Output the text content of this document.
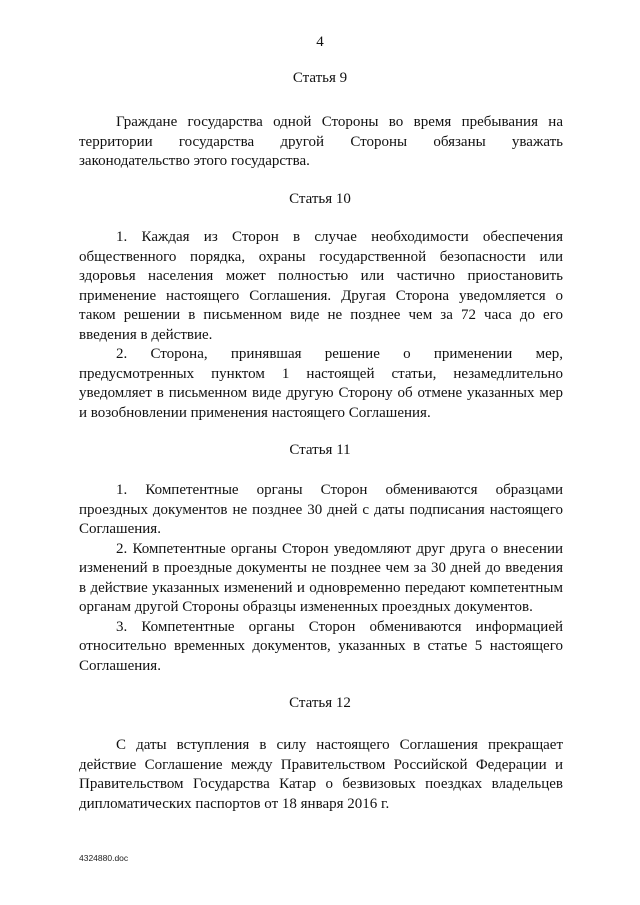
4
Статья 9

Граждане государства одной Стороны во время пребывания на территории государства другой Стороны обязаны уважать законодательство этого государства.

Статья 10

1. Каждая из Сторон в случае необходимости обеспечения общественного порядка, охраны государственной безопасности или здоровья населения может полностью или частично приостановить применение настоящего Соглашения. Другая Сторона уведомляется о таком решении в письменном виде не позднее чем за 72 часа до его введения в действие.

2. Сторона, принявшая решение о применении мер, предусмотренных пунктом 1 настоящей статьи, незамедлительно уведомляет в письменном виде другую Сторону об отмене указанных мер и возобновлении применения настоящего Соглашения.

Статья 11

1. Компетентные органы Сторон обмениваются образцами проездных документов не позднее 30 дней с даты подписания настоящего Соглашения.

2. Компетентные органы Сторон уведомляют друг друга о внесении изменений в проездные документы не позднее чем за 30 дней до введения в действие указанных изменений и одновременно передают компетентным органам другой Стороны образцы измененных проездных документов.

3. Компетентные органы Сторон обмениваются информацией относительно временных документов, указанных в статье 5 настоящего Соглашения.

Статья 12

С даты вступления в силу настоящего Соглашения прекращает действие Соглашение между Правительством Российской Федерации и Правительством Государства Катар о безвизовых поездках владельцев дипломатических паспортов от 18 января 2016 г.

4324880.doc
